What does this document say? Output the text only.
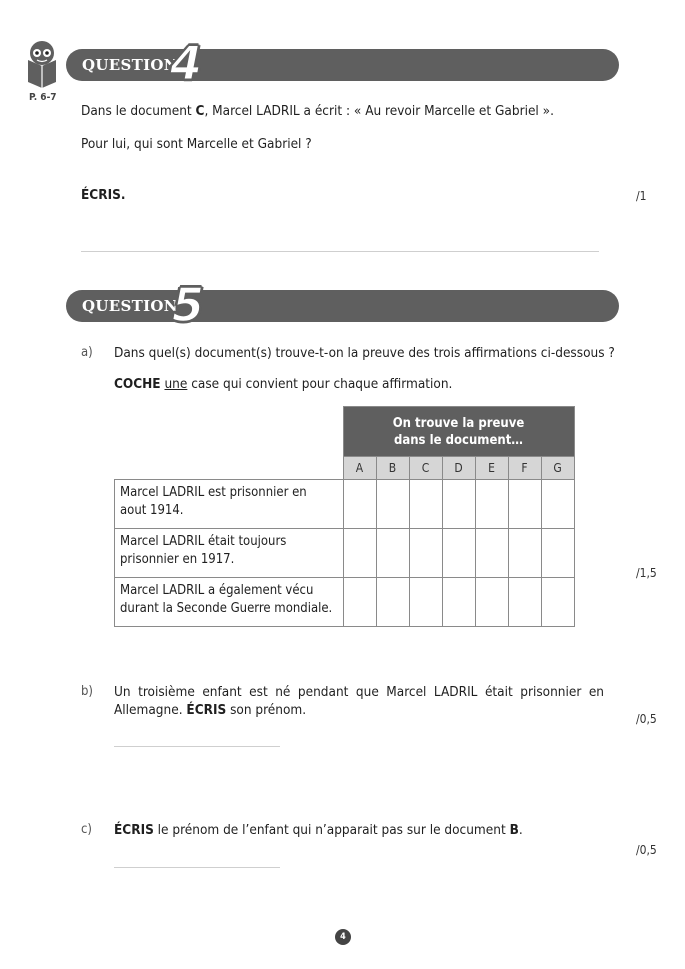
P. 6-7
QUESTION
4
Dans le document C, Marcel LADRIL a écrit : « Au revoir Marcelle et Gabriel ».
Pour lui, qui sont Marcelle et Gabriel ?
ÉCRIS.	/1
QUESTION
5
a) Dans quel(s) document(s) trouve-t-on la preuve des trois affirmations ci-dessous ?
COCHE une case qui convient pour chaque affirmation.
/1,5

	On trouve la preuve
dans le document…						

	A	B	C	D	E	F	G

Marcel LADRIL est prisonnier en
aout 1914.							

Marcel LADRIL était toujours
prisonnier en 1917.							

Marcel LADRIL a également vécu
durant la Seconde Guerre mondiale.							

b) Un troisième enfant est né pendant que Marcel LADRIL était prisonnier en
Allemagne. ÉCRIS son prénom.
/0,5
c) ÉCRIS le prénom de l’enfant qui n’apparait pas sur le document B.
/0,5
4
